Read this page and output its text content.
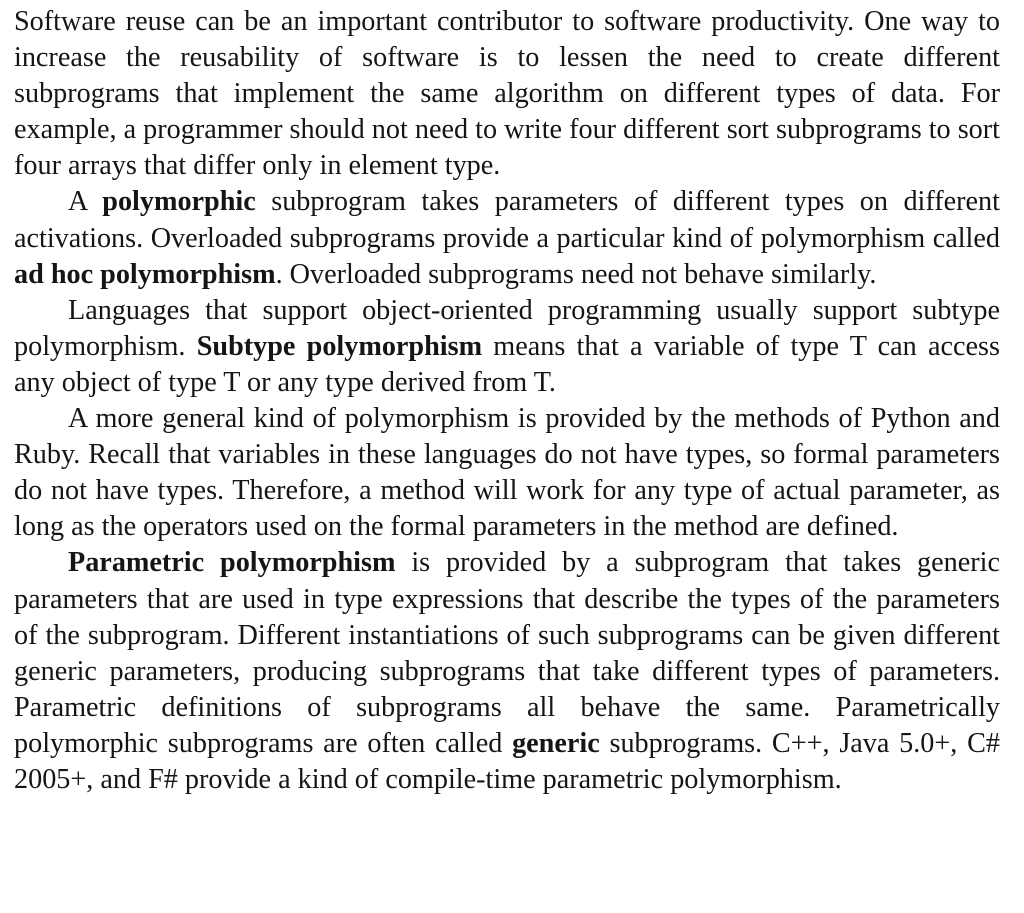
Software reuse can be an important contributor to software productivity. One way to increase the reusability of software is to lessen the need to create different subprograms that implement the same algorithm on different types of data. For example, a programmer should not need to write four different sort subprograms to sort four arrays that differ only in element type.

A polymorphic subprogram takes parameters of different types on different activations. Overloaded subprograms provide a particular kind of polymorphism called ad hoc polymorphism. Overloaded subprograms need not behave similarly.

Languages that support object-oriented programming usually support subtype polymorphism. Subtype polymorphism means that a variable of type T can access any object of type T or any type derived from T.

A more general kind of polymorphism is provided by the methods of Python and Ruby. Recall that variables in these languages do not have types, so formal parameters do not have types. Therefore, a method will work for any type of actual parameter, as long as the operators used on the formal parameters in the method are defined.

Parametric polymorphism is provided by a subprogram that takes generic parameters that are used in type expressions that describe the types of the parameters of the subprogram. Different instantiations of such subprograms can be given different generic parameters, producing subprograms that take different types of parameters. Parametric definitions of subprograms all behave the same. Parametrically polymorphic subprograms are often called generic subprograms. C++, Java 5.0+, C# 2005+, and F# provide a kind of compile-time parametric polymorphism.
